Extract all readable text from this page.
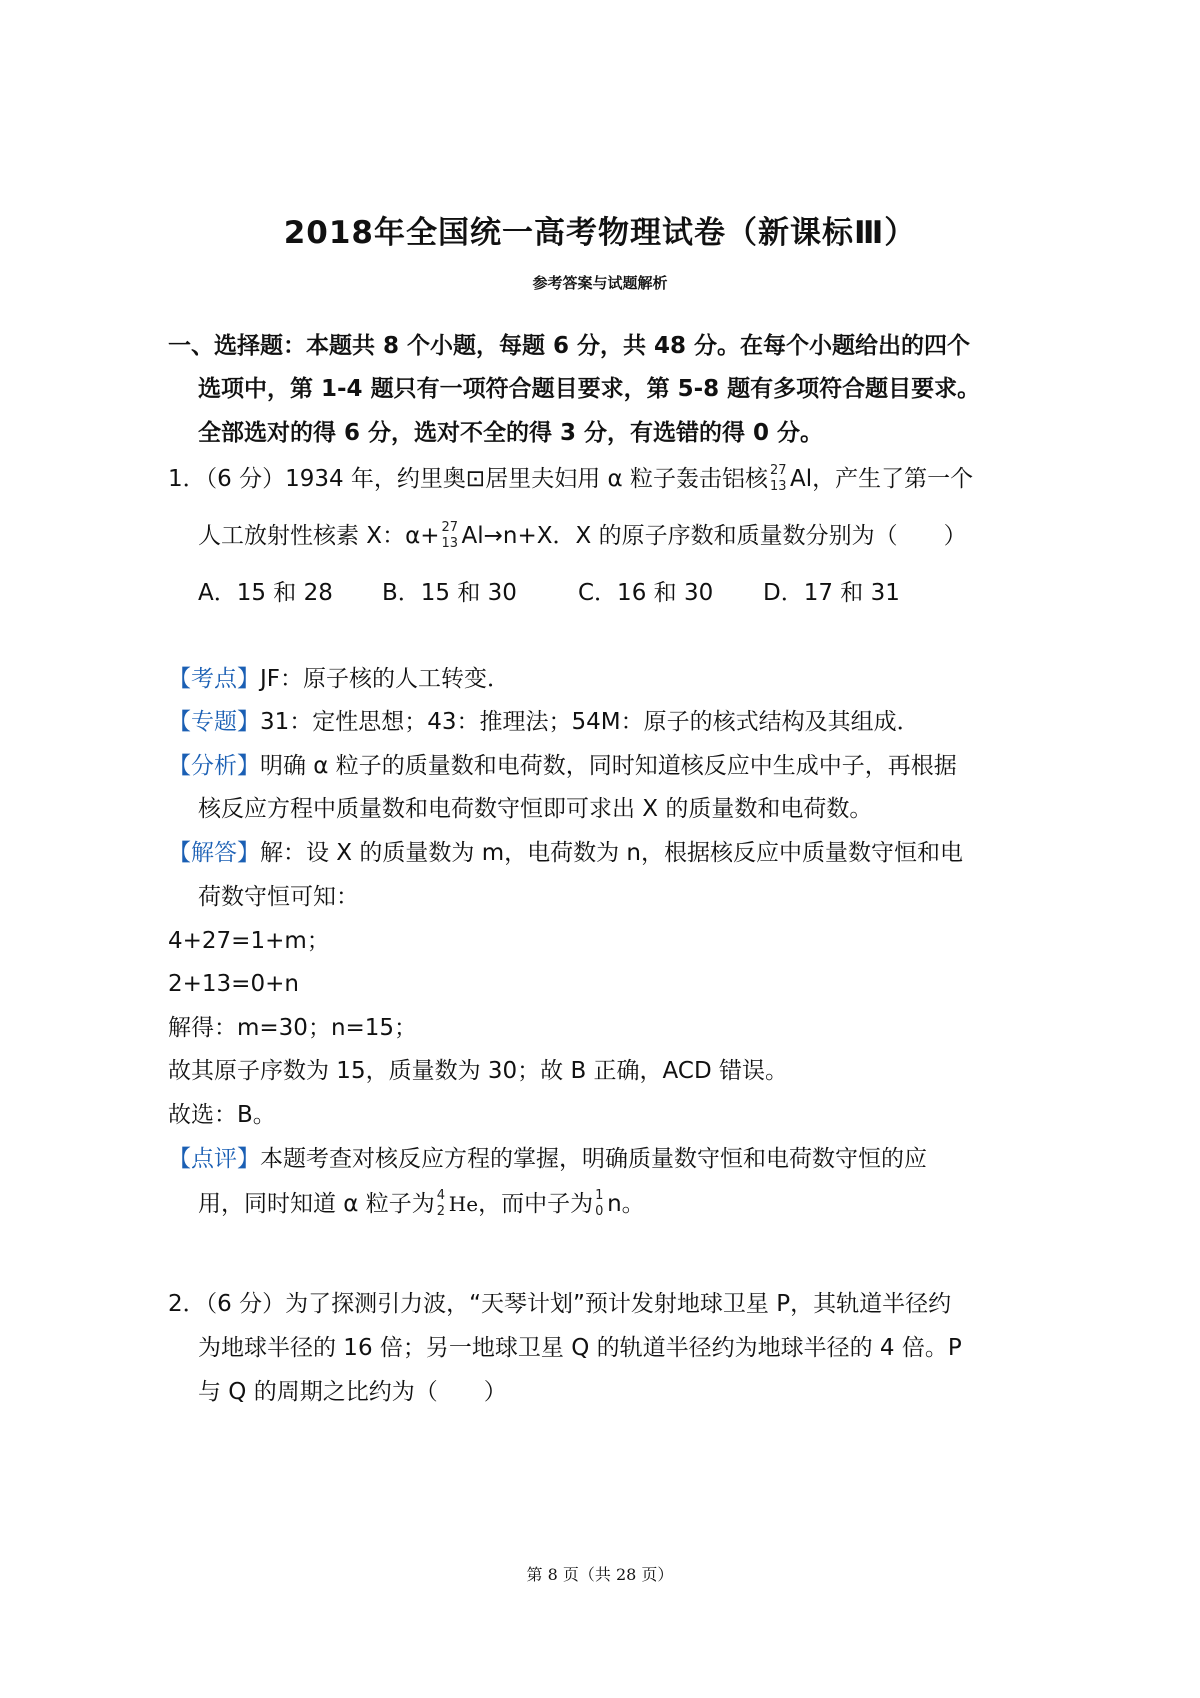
2018年全国统一高考物理试卷（新课标Ⅲ）
参考答案与试题解析
一、选择题：本题共 8 个小题，每题 6 分，共 48 分。在每个小题给出的四个
选项中，第 1-4 题只有一项符合题目要求，第 5-8 题有多项符合题目要求。
全部选对的得 6 分，选对不全的得 3 分，有选错的得 0 分。
1．（6 分）1934 年，约里奥⊡居里夫妇用 α 粒子轰击铝核 27
13 Al，产生了第一个
人工放射性核素 X：α+ 27
13 Al→n+X．X 的原子序数和质量数分别为（　　）
A．15 和 28 B．15 和 30	C．16 和 30 D．17 和 31
【考点】JF：原子核的人工转变．
【专题】31：定性思想；43：推理法；54M：原子的核式结构及其组成．
【分析】明确 α 粒子的质量数和电荷数，同时知道核反应中生成中子，再根据
核反应方程中质量数和电荷数守恒即可求出 X 的质量数和电荷数。
【解答】解：设 X 的质量数为 m，电荷数为 n，根据核反应中质量数守恒和电
荷数守恒可知：
4+27=1+m；
2+13=0+n
解得：m=30；n=15；
故其原子序数为 15，质量数为 30；故 B 正确，ACD 错误。
故选：B。
【点评】本题考查对核反应方程的掌握，明确质量数守恒和电荷数守恒的应
用，同时知道 α 粒子为 4
2 He，而中子为 1
0 n。
2．（6 分）为了探测引力波，“天琴计划”预计发射地球卫星 P，其轨道半径约
为地球半径的 16 倍；另一地球卫星 Q 的轨道半径约为地球半径的 4 倍。P
与 Q 的周期之比约为（　　）
第 8 页（共 28 页）
